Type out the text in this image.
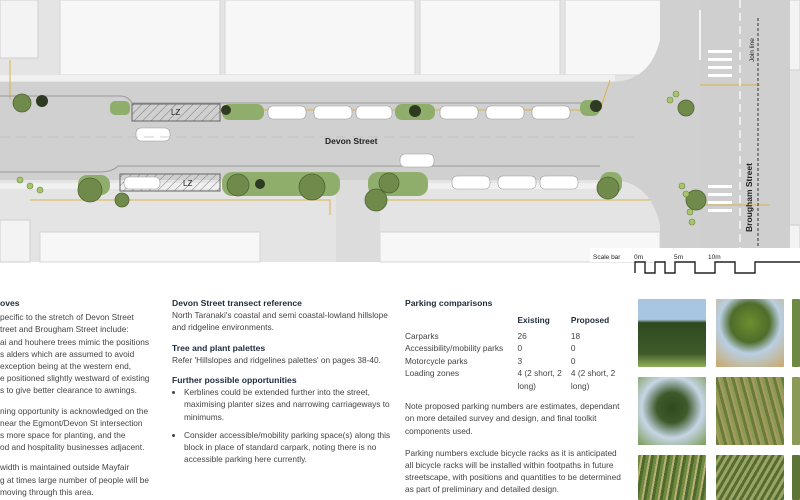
LZ
LZ
Devon Street
Join line
Brougham Street
Scale bar 0m	5m	10m
oves

pecific to the stretch of Devon Street

treet and Brougham Street include:

ai and houhere trees mimic the positions

s alders which are assumed to avoid

exception being at the western end,

e positioned slightly westward of existing

s to give better clearance to awnings.

ning opportunity is acknowledged on the

near the Egmont/Devon St intersection

s more space for planting, and the

od and hospitality businesses adjacent.

width is maintained outside Mayfair

g at times large number of people will be

moving through this area.

Devon Street transect reference

North Taranaki's coastal and semi coastal-lowland hillslope and ridgeline environments.

Tree and plant palettes

Refer 'Hillslopes and ridgelines palettes' on pages 38-40.

Further possible opportunities
• Kerblines could be extended further into the street, maximising planter sizes and narrowing carriageways to minimums.
• Consider accessible/mobility parking space(s) along this block in place of standard carpark, noting there is no accessible parking here currently.
Parking comparisons
	Existing	Proposed

Carparks	26	18
Accessibility/mobility parks	0	0
Motorcycle parks	3	0
Loading zones	4 (2 short, 2 long)	4 (2 short, 2 long)

Note proposed parking numbers are estimates, dependant on more detailed survey and design, and final toolkit components used.

Parking numbers exclude bicycle racks as it is anticipated all bicycle racks will be installed within footpaths in future streetscape, with positions and quantities to be determined as part of preliminary and detailed design.
